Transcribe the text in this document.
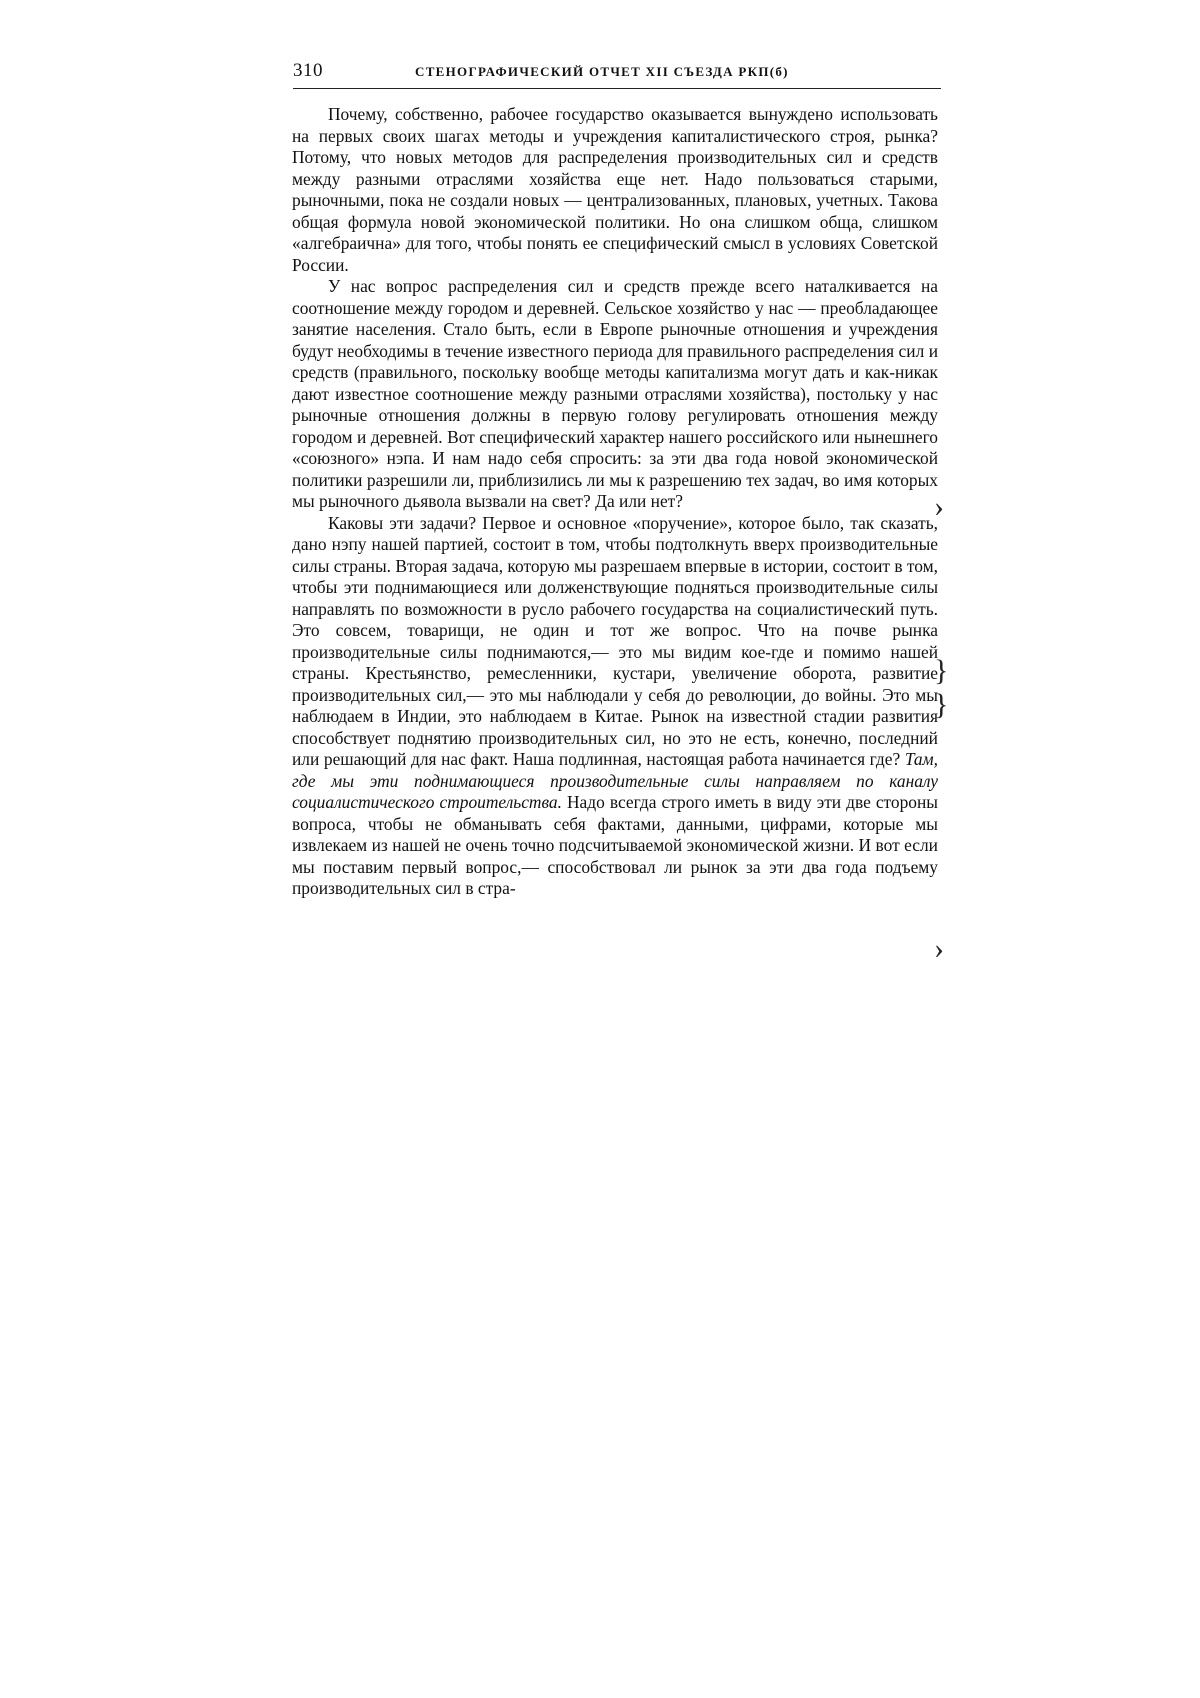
310	СТЕНОГРАФИЧЕСКИЙ ОТЧЕТ XII СЪЕЗДА РКП(б)

Почему, собственно, рабочее государство оказывается вынуждено использовать на первых своих шагах методы и учреждения капиталистического строя, рынка? Потому, что новых методов для распределения производительных сил и средств между разными отраслями хозяйства еще нет. Надо пользоваться старыми, рыночными, пока не создали новых — централизованных, плановых, учетных. Такова общая формула новой экономической политики. Но она слишком обща, слишком «алгебраична» для того, чтобы понять ее специфический смысл в условиях Советской России.

У нас вопрос распределения сил и средств прежде всего наталкивается на соотношение между городом и деревней. Сельское хозяйство у нас — преобладающее занятие населения. Стало быть, если в Европе рыночные отношения и учреждения будут необходимы в течение известного периода для правильного распределения сил и средств (правильного, поскольку вообще методы капитализма могут дать и как-никак дают известное соотношение между разными отраслями хозяйства), постольку у нас рыночные отношения должны в первую голову регулировать отношения между городом и деревней. Вот специфический характер нашего российского или нынешнего «союзного» нэпа. И нам надо себя спросить: за эти два года новой экономической политики разрешили ли, приблизились ли мы к разрешению тех задач, во имя которых мы рыночного дьявола вызвали на свет? Да или нет?

Каковы эти задачи? Первое и основное «поручение», которое было, так сказать, дано нэпу нашей партией, состоит в том, чтобы подтолкнуть вверх производительные силы страны. Вторая задача, которую мы разрешаем впервые в истории, состоит в том, чтобы эти поднимающиеся или долженствующие подняться производительные силы направлять по возможности в русло рабочего государства на социалистический путь. Это совсем, товарищи, не один и тот же вопрос. Что на почве рынка производительные силы поднимаются,— это мы видим кое-где и помимо нашей страны. Крестьянство, ремесленники, кустари, увеличение оборота, развитие производительных сил,— это мы наблюдали у себя до революции, до войны. Это мы наблюдаем в Индии, это наблюдаем в Китае. Рынок на известной стадии развития способствует поднятию производительных сил, но это не есть, конечно, последний или решающий для нас факт. Наша подлинная, настоящая работа начинается где? Там, где мы эти поднимающиеся производительные силы направляем по каналу социалистического строительства. Надо всегда строго иметь в виду эти две стороны вопроса, чтобы не обманывать себя фактами, данными, цифрами, которые мы извлекаем из нашей не очень точно подсчитываемой экономической жизни. И вот если мы поставим первый вопрос,— способствовал ли рынок за эти два года подъему производительных сил в стра-

›
{
{
›
